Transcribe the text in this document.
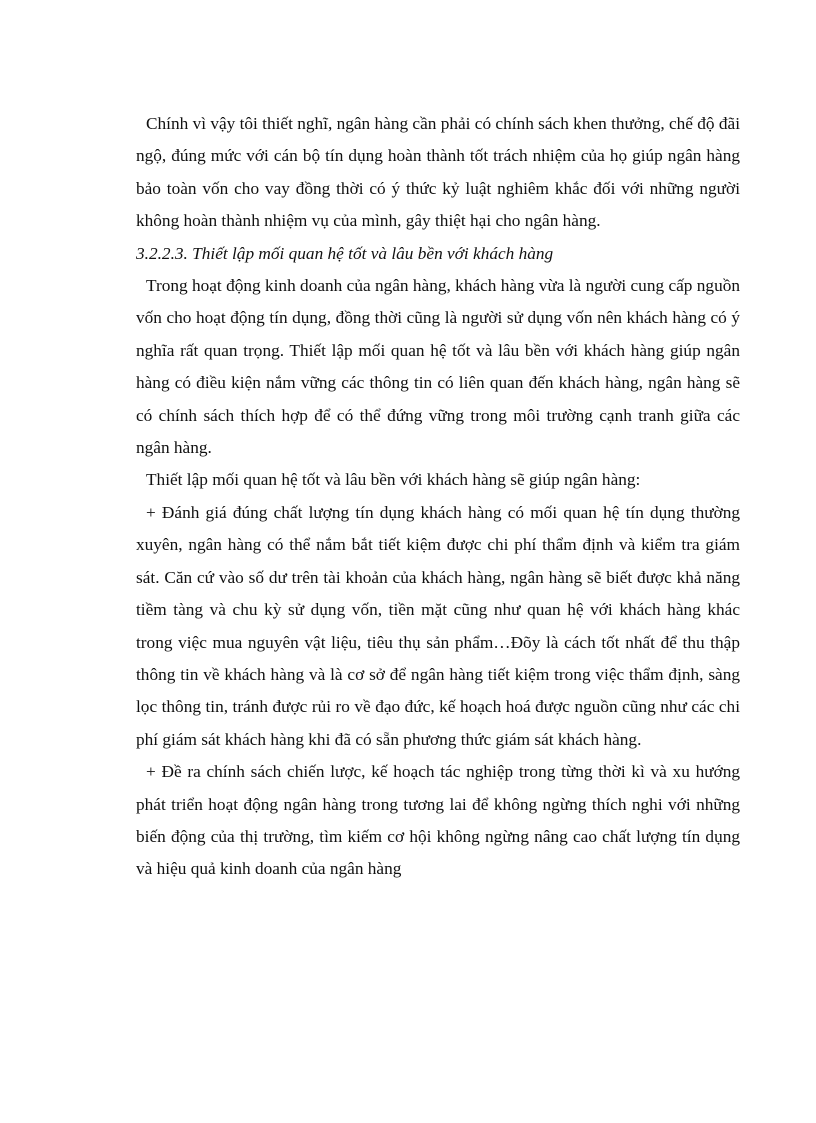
Chính vì vậy tôi thiết nghĩ, ngân hàng cần phải có chính sách khen thưởng, chế độ đãi ngộ, đúng mức với cán bộ tín dụng hoàn thành tốt trách nhiệm của họ giúp ngân hàng bảo toàn vốn cho vay đồng thời có ý thức kỷ luật nghiêm khắc đối với những người không hoàn thành nhiệm vụ của mình, gây thiệt hại cho ngân hàng.

3.2.2.3. Thiết lập mối quan hệ tốt và lâu bền với khách hàng

Trong hoạt động kinh doanh của ngân hàng, khách hàng vừa là người cung cấp nguồn vốn cho hoạt động tín dụng, đồng thời cũng là người sử dụng vốn nên khách hàng có ý nghĩa rất quan trọng. Thiết lập mối quan hệ tốt và lâu bền với khách hàng giúp ngân hàng có điều kiện nắm vững các thông tin có liên quan đến khách hàng, ngân hàng sẽ có chính sách thích hợp để có thể đứng vững trong môi trường cạnh tranh giữa các ngân hàng.

Thiết lập mối quan hệ tốt và lâu bền với khách hàng sẽ giúp ngân hàng:

+ Đánh giá đúng chất lượng tín dụng khách hàng có mối quan hệ tín dụng thường xuyên, ngân hàng có thể nắm bắt tiết kiệm được chi phí thẩm định và kiểm tra giám sát. Căn cứ vào số dư trên tài khoản của khách hàng, ngân hàng sẽ biết được khả năng tiềm tàng và chu kỳ sử dụng vốn, tiền mặt cũng như quan hệ với khách hàng khác trong việc mua nguyên vật liệu, tiêu thụ sản phẩm…Đõy là cách tốt nhất để thu thập thông tin về khách hàng và là cơ sở để ngân hàng tiết kiệm trong việc thẩm định, sàng lọc thông tin, tránh được rủi ro về đạo đức, kế hoạch hoá được nguồn cũng như các chi phí giám sát khách hàng khi đã có sẵn phương thức giám sát khách hàng.

+ Đề ra chính sách chiến lược, kế hoạch tác nghiệp trong từng thời kì và xu hướng phát triển hoạt động ngân hàng trong tương lai để không ngừng thích nghi với những biến động của thị trường, tìm kiếm cơ hội không ngừng nâng cao chất lượng tín dụng và hiệu quả kinh doanh của ngân hàng
